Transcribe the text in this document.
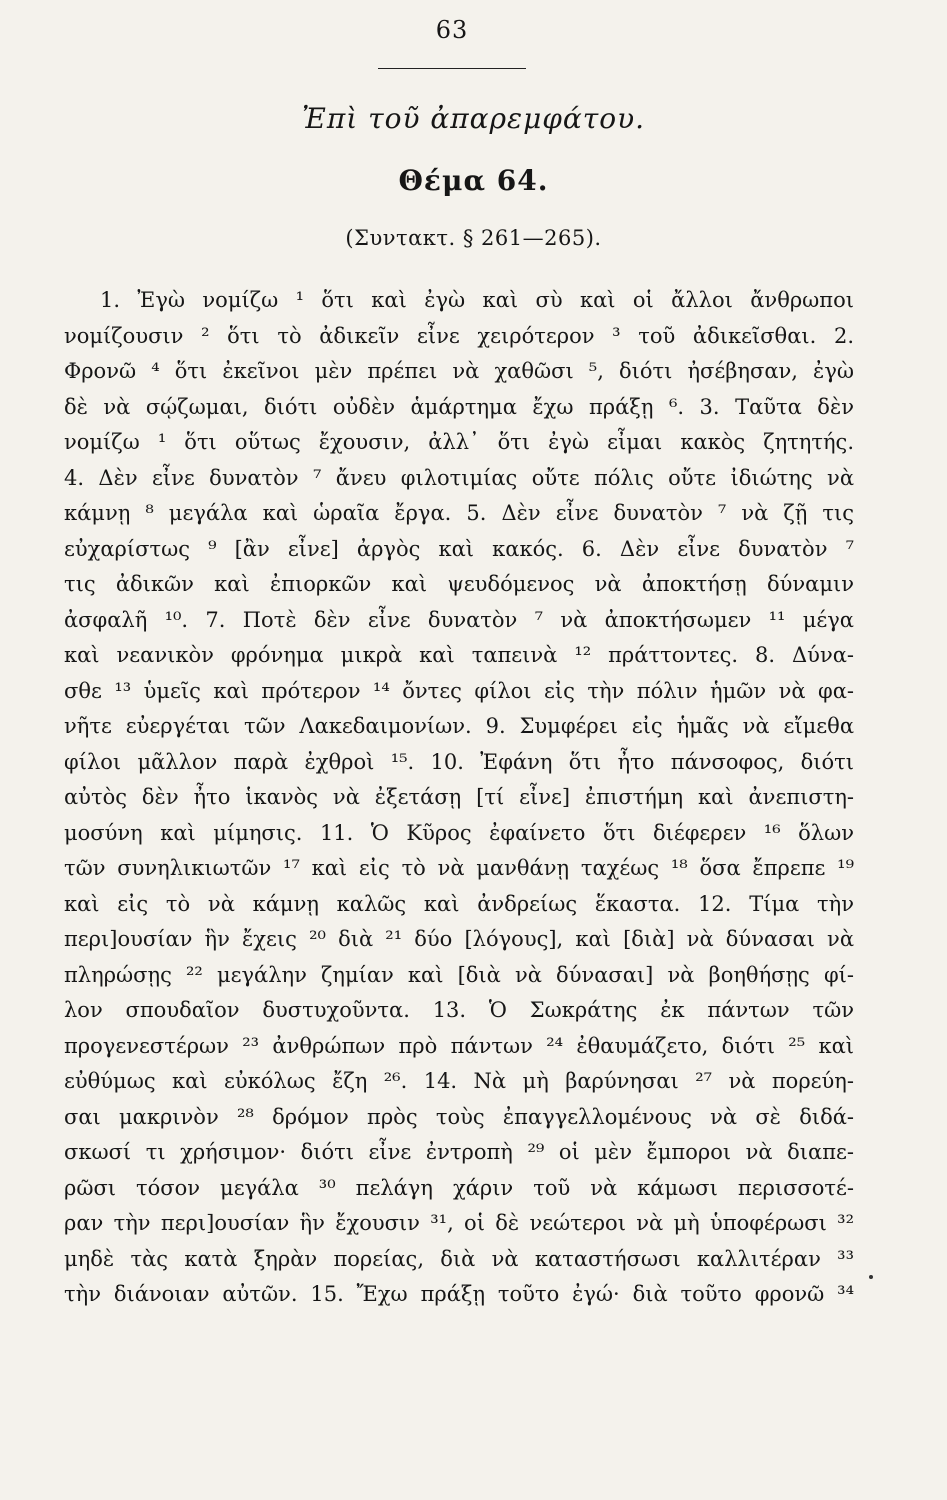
63
Ἐπὶ τοῦ ἀπαρεμφάτου.
Θέμα 64.
(Συντακτ. § 261—265).
1. Ἐγὼ νομίζω ¹ ὅτι καὶ ἐγὼ καὶ σὺ καὶ οἱ ἄλλοι ἄνθρωποι
νομίζουσιν ² ὅτι τὸ ἀδικεῖν εἶνε χειρότερον ³ τοῦ ἀδικεῖσθαι. 2.
Φρονῶ ⁴ ὅτι ἐκεῖνοι μὲν πρέπει νὰ χαθῶσι ⁵, διότι ἠσέβησαν, ἐγὼ
δὲ νὰ σῴζωμαι, διότι οὐδὲν ἁμάρτημα ἔχω πράξῃ ⁶. 3. Ταῦτα δὲν
νομίζω ¹ ὅτι οὕτως ἔχουσιν, ἀλλ᾽ ὅτι ἐγὼ εἶμαι κακὸς ζητητής.
4. Δὲν εἶνε δυνατὸν ⁷ ἄνευ φιλοτιμίας οὔτε πόλις οὔτε ἰδιώτης νὰ
κάμνῃ ⁸ μεγάλα καὶ ὡραῖα ἔργα. 5. Δὲν εἶνε δυνατὸν ⁷ νὰ ζῇ τις
εὐχαρίστως ⁹ [ἂν εἶνε] ἀργὸς καὶ κακός. 6. Δὲν εἶνε δυνατὸν ⁷
τις ἀδικῶν καὶ ἐπιορκῶν καὶ ψευδόμενος νὰ ἀποκτήσῃ δύναμιν
ἀσφαλῆ ¹⁰. 7. Ποτὲ δὲν εἶνε δυνατὸν ⁷ νὰ ἀποκτήσωμεν ¹¹ μέγα
καὶ νεανικὸν φρόνημα μικρὰ καὶ ταπεινὰ ¹² πράττοντες. 8. Δύνα-
σθε ¹³ ὑμεῖς καὶ πρότερον ¹⁴ ὄντες φίλοι εἰς τὴν πόλιν ἡμῶν νὰ φα-
νῆτε εὐεργέται τῶν Λακεδαιμονίων. 9. Συμφέρει εἰς ἡμᾶς νὰ εἴμεθα
φίλοι μᾶλλον παρὰ ἐχθροὶ ¹⁵. 10. Ἐφάνη ὅτι ἦτο πάνσοφος, διότι
αὐτὸς δὲν ἦτο ἱκανὸς νὰ ἐξετάσῃ [τί εἶνε] ἐπιστήμη καὶ ἀνεπιστη-
μοσύνη καὶ μίμησις. 11. Ὁ Κῦρος ἐφαίνετο ὅτι διέφερεν ¹⁶ ὅλων
τῶν συνηλικιωτῶν ¹⁷ καὶ εἰς τὸ νὰ μανθάνῃ ταχέως ¹⁸ ὅσα ἔπρεπε ¹⁹
καὶ εἰς τὸ νὰ κάμνῃ καλῶς καὶ ἀνδρείως ἕκαστα. 12. Τίμα τὴν
περι]ουσίαν ἣν ἔχεις ²⁰ διὰ ²¹ δύο [λόγους], καὶ [διὰ] νὰ δύνασαι νὰ
πληρώσῃς ²² μεγάλην ζημίαν καὶ [διὰ νὰ δύνασαι] νὰ βοηθήσῃς φί-
λον σπουδαῖον δυστυχοῦντα. 13. Ὁ Σωκράτης ἐκ πάντων τῶν
προγενεστέρων ²³ ἀνθρώπων πρὸ πάντων ²⁴ ἐθαυμάζετο, διότι ²⁵ καὶ
εὐθύμως καὶ εὐκόλως ἔζη ²⁶. 14. Νὰ μὴ βαρύνησαι ²⁷ νὰ πορεύη-
σαι μακρινὸν ²⁸ δρόμον πρὸς τοὺς ἐπαγγελλομένους νὰ σὲ διδά-
σκωσί τι χρήσιμον· διότι εἶνε ἐντροπὴ ²⁹ οἱ μὲν ἔμποροι νὰ διαπε-
ρῶσι τόσον μεγάλα ³⁰ πελάγη χάριν τοῦ νὰ κάμωσι περισσοτέ-
ραν τὴν περι]ουσίαν ἣν ἔχουσιν ³¹, οἱ δὲ νεώτεροι νὰ μὴ ὑποφέρωσι ³²
μηδὲ τὰς κατὰ ξηρὰν πορείας, διὰ νὰ καταστήσωσι καλλιτέραν ³³
τὴν διάνοιαν αὐτῶν. 15. Ἔχω πράξῃ τοῦτο ἐγώ· διὰ τοῦτο φρονῶ ³⁴
